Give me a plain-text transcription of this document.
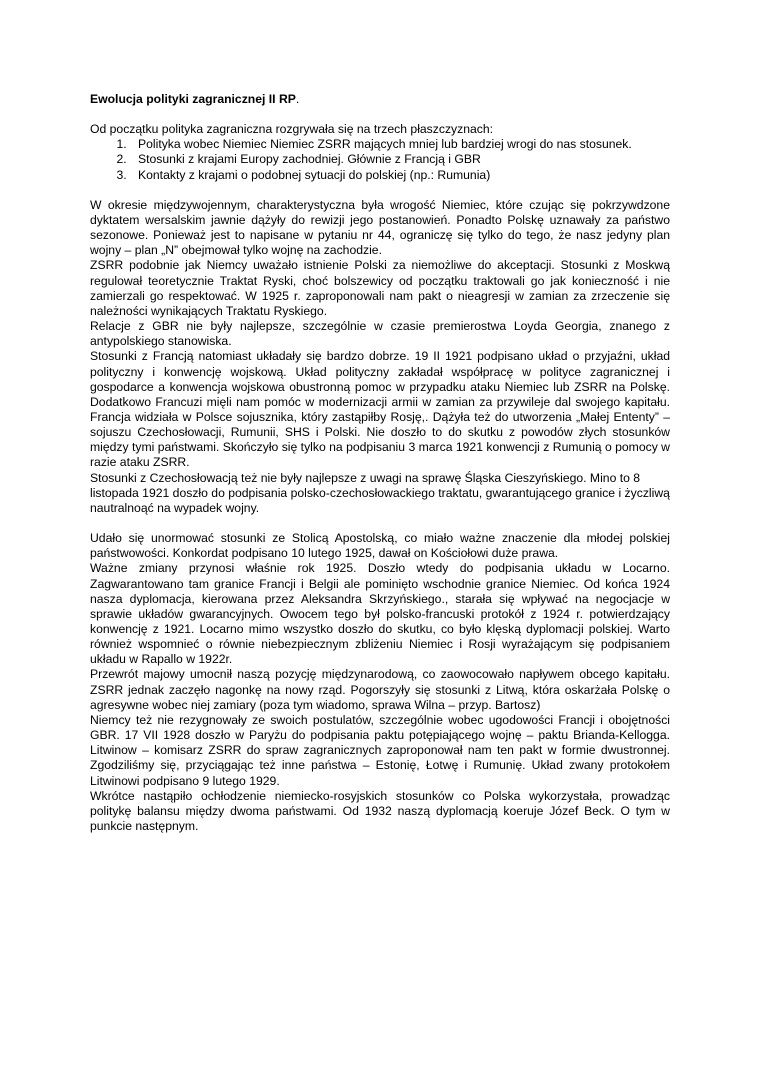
Ewolucja polityki zagranicznej II RP.

Od początku polityka zagraniczna rozgrywała się na trzech płaszczyznach:

1. Polityka wobec Niemiec Niemiec ZSRR mających mniej lub bardziej wrogi do nas stosunek.
2. Stosunki z krajami Europy zachodniej. Głównie z Francją i GBR
3. Kontakty z krajami o podobnej sytuacji do polskiej (np.: Rumunia)

W okresie międzywojennym, charakterystyczna była wrogość Niemiec, które czując się pokrzywdzone dyktatem wersalskim jawnie dążyły do rewizji jego postanowień. Ponadto Polskę uznawały za państwo sezonowe. Ponieważ jest to napisane w pytaniu nr 44, ograniczę się tylko do tego, że nasz jedyny plan wojny – plan „N” obejmował tylko wojnę na zachodzie.

ZSRR podobnie jak Niemcy uważało istnienie Polski za niemożliwe do akceptacji. Stosunki z Moskwą regulował teoretycznie Traktat Ryski, choć bolszewicy od początku traktowali go jak konieczność i nie zamierzali go respektować. W 1925 r. zaproponowali nam pakt o nieagresji w zamian za zrzeczenie się należności wynikających Traktatu Ryskiego.

Relacje z GBR nie były najlepsze, szczególnie w czasie premierostwa Loyda Georgia, znanego z antypolskiego stanowiska.

Stosunki z Francją natomiast układały się bardzo dobrze. 19 II 1921 podpisano układ o przyjaźni, układ polityczny i konwencję wojskową. Układ polityczny zakładał współpracę w polityce zagranicznej i gospodarce a konwencja wojskowa obustronną pomoc w przypadku ataku Niemiec lub ZSRR na Polskę. Dodatkowo Francuzi mięli nam pomóc w modernizacji armii w zamian za przywileje dal swojego kapitału. Francja widziała w Polsce sojusznika, który zastąpiłby Rosję,. Dążyła też do utworzenia „Małej Ententy” – sojuszu Czechosłowacji, Rumunii, SHS i Polski. Nie doszło to do skutku z powodów złych stosunków między tymi państwami. Skończyło się tylko na podpisaniu 3 marca 1921 konwencji z Rumunią o pomocy w razie ataku ZSRR.

Stosunki z Czechosłowacją też nie były najlepsze z uwagi na sprawę Śląska Cieszyńskiego. Mino to 8 listopada 1921 doszło do podpisania polsko-czechosłowackiego traktatu, gwarantującego granice i życzliwą nautralnoąć na wypadek wojny.

Udało się unormować stosunki ze Stolicą Apostolską, co miało ważne znaczenie dla młodej polskiej państwowości. Konkordat podpisano 10 lutego 1925, dawał on Kościołowi duże prawa.

Ważne zmiany przynosi właśnie rok 1925. Doszło wtedy do podpisania układu w Locarno. Zagwarantowano tam granice Francji i Belgii ale pominięto wschodnie granice Niemiec. Od końca 1924 nasza dyplomacja, kierowana przez Aleksandra Skrzyńskiego., starała się wpływać na negocjacje w sprawie układów gwarancyjnych. Owocem tego był polsko-francuski protokół z 1924 r. potwierdzający konwencję z 1921. Locarno mimo wszystko doszło do skutku, co było klęską dyplomacji polskiej. Warto również wspomnieć o równie niebezpiecznym zbliżeniu Niemiec i Rosji wyrażającym się podpisaniem układu w Rapallo w 1922r.

Przewrót majowy umocnił naszą pozycję międzynarodową, co zaowocowało napływem obcego kapitału. ZSRR jednak zaczęło nagonkę na nowy rząd. Pogorszyły się stosunki z Litwą, która oskarżała Polskę o agresywne wobec niej zamiary (poza tym wiadomo, sprawa Wilna – przyp. Bartosz)

Niemcy też nie rezygnowały ze swoich postulatów, szczególnie wobec ugodowości Francji i obojętności GBR. 17 VII 1928 doszło w Paryżu do podpisania paktu potępiającego wojnę – paktu Brianda-Kellogga. Litwinow – komisarz ZSRR do spraw zagranicznych zaproponował nam ten pakt w formie dwustronnej. Zgodziliśmy się, przyciągając też inne państwa – Estonię, Łotwę i Rumunię. Układ zwany protokołem Litwinowi podpisano 9 lutego 1929.

Wkrótce nastąpiło ochłodzenie niemiecko-rosyjskich stosunków co Polska wykorzystała, prowadząc politykę balansu między dwoma państwami. Od 1932 naszą dyplomacją koeruje Józef Beck. O tym w punkcie następnym.
